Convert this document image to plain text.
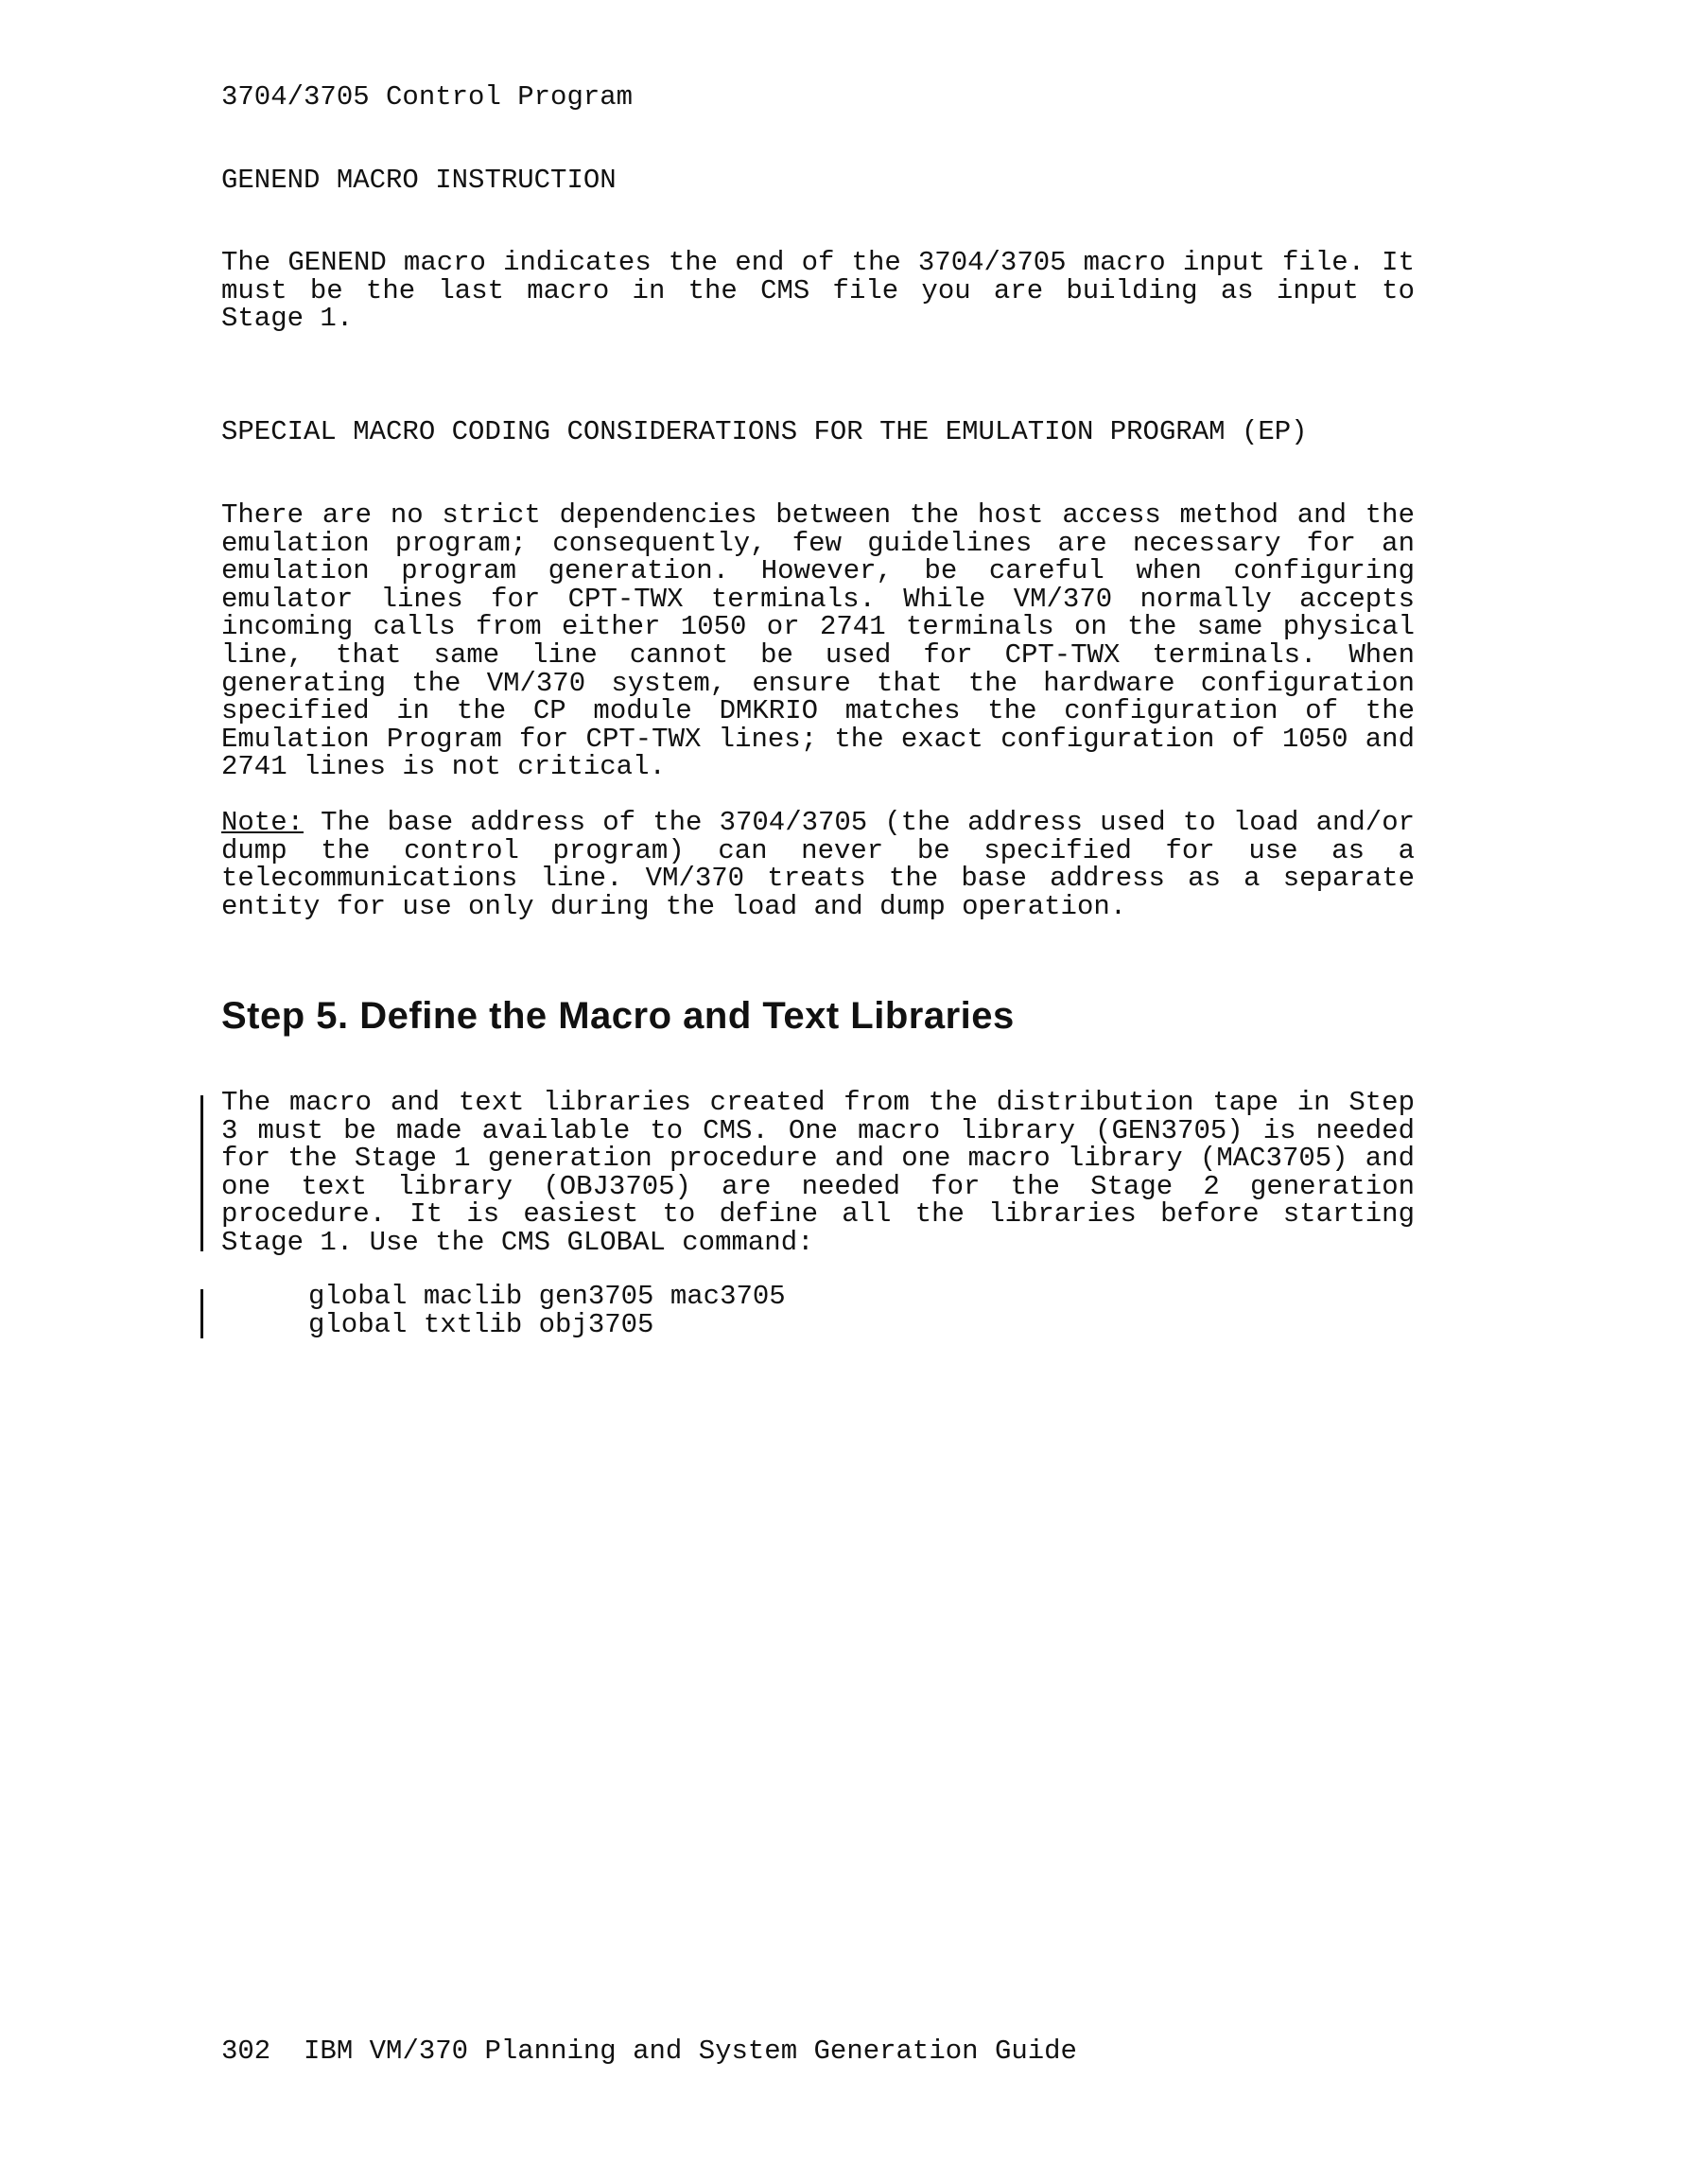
3704/3705 Control Program

GENEND MACRO INSTRUCTION

The GENEND macro indicates the end of the 3704/3705 macro input file. It must be the last macro in the CMS file you are building as input to Stage 1.

SPECIAL MACRO CODING CONSIDERATIONS FOR THE EMULATION PROGRAM (EP)

There are no strict dependencies between the host access method and the emulation program; consequently, few guidelines are necessary for an emulation program generation. However, be careful when configuring emulator lines for CPT-TWX terminals. While VM/370 normally accepts incoming calls from either 1050 or 2741 terminals on the same physical line, that same line cannot be used for CPT-TWX terminals. When generating the VM/370 system, ensure that the hardware configuration specified in the CP module DMKRIO matches the configuration of the Emulation Program for CPT-TWX lines; the exact configuration of 1050 and 2741 lines is not critical.

Note: The base address of the 3704/3705 (the address used to load and/or dump the control program) can never be specified for use as a telecommunications line. VM/370 treats the base address as a separate entity for use only during the load and dump operation.

Step 5. Define the Macro and Text Libraries

The macro and text libraries created from the distribution tape in Step 3 must be made available to CMS. One macro library (GEN3705) is needed for the Stage 1 generation procedure and one macro library (MAC3705) and one text library (OBJ3705) are needed for the Stage 2 generation procedure. It is easiest to define all the libraries before starting Stage 1. Use the CMS GLOBAL command:

global maclib gen3705 mac3705
global txtlib obj3705

302 IBM VM/370 Planning and System Generation Guide
